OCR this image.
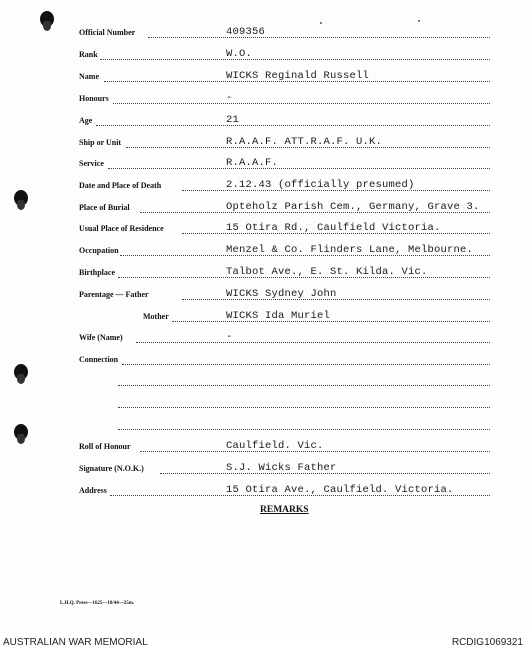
Official Number	409356
Rank	W.O.
Name	WICKS Reginald Russell
Honours	-
Age	21
Ship or Unit	R.A.A.F. ATT.R.A.F. U.K.
Service	R.A.A.F.
Date and Place of Death	2.12.43 (officially presumed)
Place of Burial	Opteholz Parish Cem., Germany, Grave 3.
Usual Place of Residence	15 Otira Rd., Caulfield Victoria.
Occupation	Menzel & Co. Flinders Lane, Melbourne.
Birthplace	Talbot Ave., E. St. Kilda. Vic.
Parentage — Father	WICKS Sydney John
Mother	WICKS Ida Muriel
Wife (Name)	-
Connection
Roll of Honour	Caulfield. Vic.
Signature (N.O.K.)	S.J. Wicks Father
Address	15 Otira Ave., Caulfield. Victoria.
REMARKS
L.H.Q. Press—1625—10/44—25m.
AUSTRALIAN WAR MEMORIAL	RCDIG1069321
